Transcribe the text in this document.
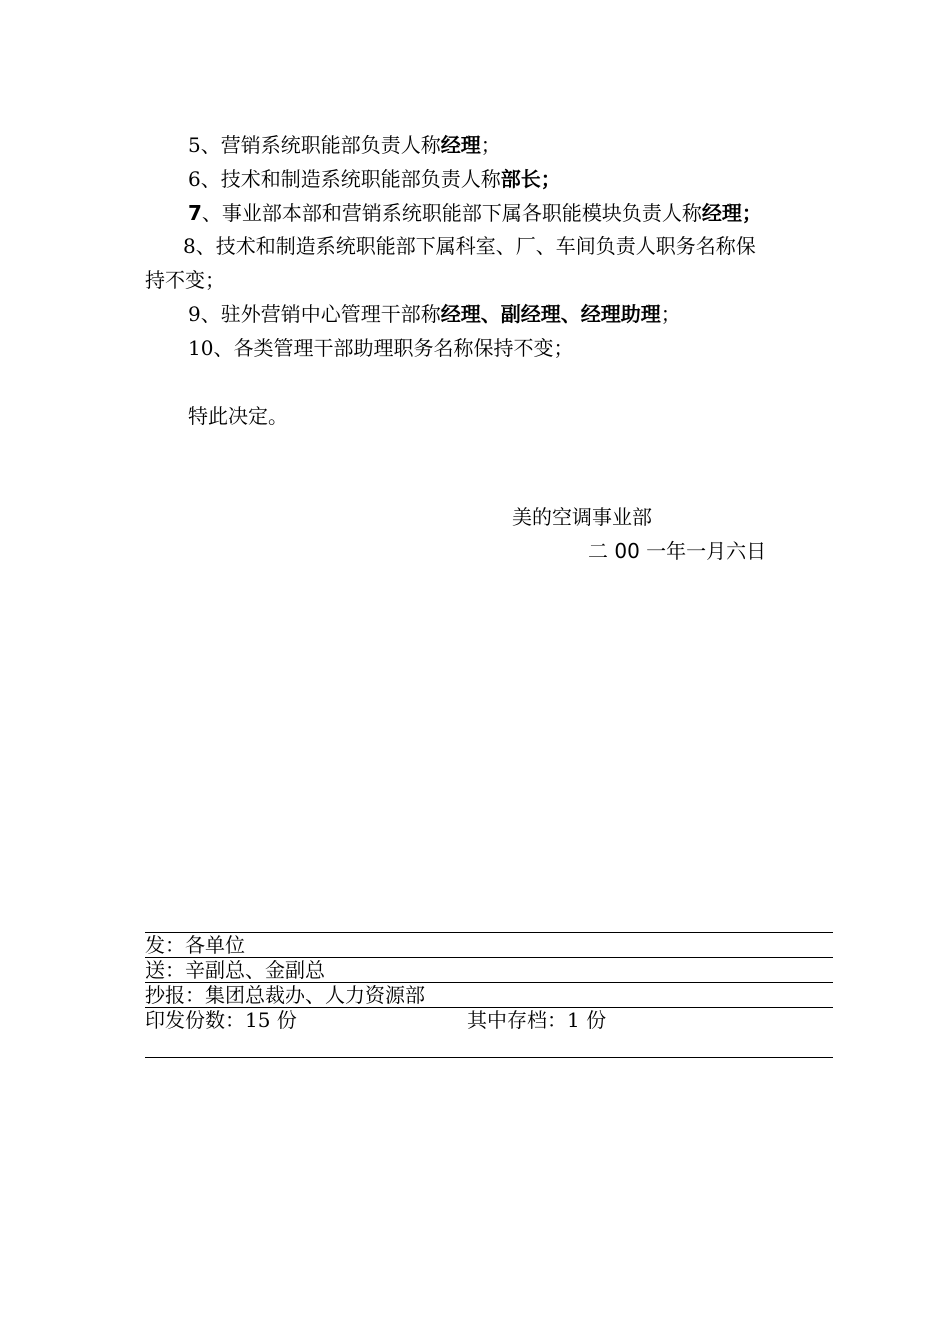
5、营销系统职能部负责人称经理；
6、技术和制造系统职能部负责人称部长；
7、事业部本部和营销系统职能部下属各职能模块负责人称经理；
8、技术和制造系统职能部下属科室、厂、车间负责人职务名称保
持不变；
9、驻外营销中心管理干部称经理、副经理、经理助理；
10、各类管理干部助理职务名称保持不变；
特此决定。
美的空调事业部
二 00 一年一月六日
发：各单位
送：辛副总、金副总
抄报：集团总裁办、人力资源部
印发份数：15 份	其中存档：1 份
